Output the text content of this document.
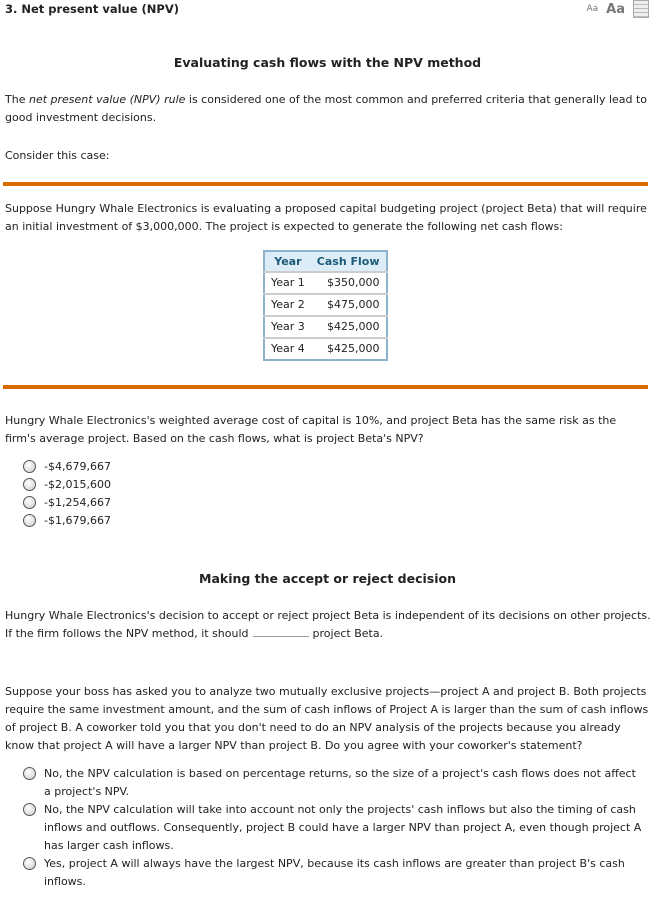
3. Net present value (NPV)	Aa Aa
Evaluating cash flows with the NPV method

The net present value (NPV) rule is considered one of the most common and preferred criteria that generally lead to good investment decisions.

Consider this case:

Suppose Hungry Whale Electronics is evaluating a proposed capital budgeting project (project Beta) that will require an initial investment of $3,000,000. The project is expected to generate the following net cash flows:

Year	Cash Flow
Year 1	$350,000
Year 2	$475,000
Year 3	$425,000
Year 4	$425,000

Hungry Whale Electronics's weighted average cost of capital is 10%, and project Beta has the same risk as the firm's average project. Based on the cash flows, what is project Beta's NPV?

-$4,679,667
-$2,015,600
-$1,254,667
-$1,679,667
Making the accept or reject decision

Hungry Whale Electronics's decision to accept or reject project Beta is independent of its decisions on other projects. If the firm follows the NPV method, it should	project Beta.

Suppose your boss has asked you to analyze two mutually exclusive projects—project A and project B. Both projects require the same investment amount, and the sum of cash inflows of Project A is larger than the sum of cash inflows of project B. A coworker told you that you don't need to do an NPV analysis of the projects because you already know that project A will have a larger NPV than project B. Do you agree with your coworker's statement?

No, the NPV calculation is based on percentage returns, so the size of a project's cash flows does not affect a project's NPV.
No, the NPV calculation will take into account not only the projects' cash inflows but also the timing of cash inflows and outflows. Consequently, project B could have a larger NPV than project A, even though project A has larger cash inflows.
Yes, project A will always have the largest NPV, because its cash inflows are greater than project B's cash inflows.
